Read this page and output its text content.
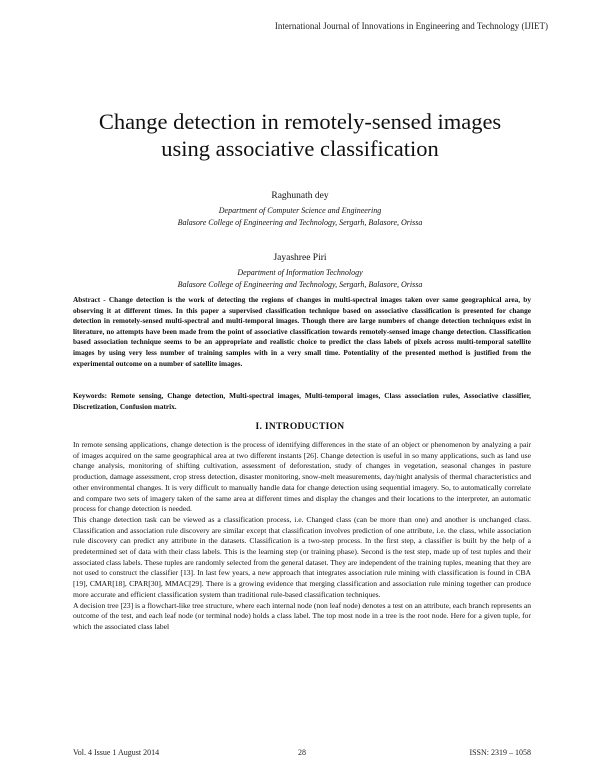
International Journal of Innovations in Engineering and Technology (IJIET)
Change detection in remotely-sensed images
using associative classification
Raghunath dey
Department of Computer Science and Engineering
Balasore College of Engineering and Technology, Sergarh, Balasore, Orissa
Jayashree Piri
Department of Information Technology
Balasore College of Engineering and Technology, Sergarh, Balasore, Orissa
Abstract - Change detection is the work of detecting the regions of changes in multi-spectral images taken over same geographical area, by observing it at different times. In this paper a supervised classification technique based on associative classification is presented for change detection in remotely-sensed multi-spectral and multi-temporal images. Though there are large numbers of change detection techniques exist in literature, no attempts have been made from the point of associative classification towards remotely-sensed image change detection. Classification based association technique seems to be an appropriate and realistic choice to predict the class labels of pixels across multi-temporal satellite images by using very less number of training samples with in a very small time. Potentiality of the presented method is justified from the experimental outcome on a number of satellite images.
Keywords: Remote sensing, Change detection, Multi-spectral images, Multi-temporal images, Class association rules, Associative classifier, Discretization, Confusion matrix.
I. INTRODUCTION

In remote sensing applications, change detection is the process of identifying differences in the state of an object or phenomenon by analyzing a pair of images acquired on the same geographical area at two different instants [26]. Change detection is useful in so many applications, such as land use change analysis, monitoring of shifting cultivation, assessment of deforestation, study of changes in vegetation, seasonal changes in pasture production, damage assessment, crop stress detection, disaster monitoring, snow-melt measurements, day/night analysis of thermal characteristics and other environmental changes. It is very difficult to manually handle data for change detection using sequential imagery. So, to automatically correlate and compare two sets of imagery taken of the same area at different times and display the changes and their locations to the interpreter, an automatic process for change detection is needed.

This change detection task can be viewed as a classification process, i.e. Changed class (can be more than one) and another is unchanged class. Classification and association rule discovery are similar except that classification involves prediction of one attribute, i.e. the class, while association rule discovery can predict any attribute in the datasets. Classification is a two-step process. In the first step, a classifier is built by the help of a predetermined set of data with their class labels. This is the learning step (or training phase). Second is the test step, made up of test tuples and their associated class labels. These tuples are randomly selected from the general dataset. They are independent of the training tuples, meaning that they are not used to construct the classifier [13]. In last few years, a new approach that integrates association rule mining with classification is found in CBA [19], CMAR[18], CPAR[30], MMAC[29]. There is a growing evidence that merging classification and association rule mining together can produce more accurate and efficient classification system than traditional rule-based classification techniques.

A decision tree [23] is a flowchart-like tree structure, where each internal node (non leaf node) denotes a test on an attribute, each branch represents an outcome of the test, and each leaf node (or terminal node) holds a class label. The top most node in a tree is the root node. Here for a given tuple, for which the associated class label

Vol. 4 Issue 1 August 2014	28	ISSN: 2319 – 1058
